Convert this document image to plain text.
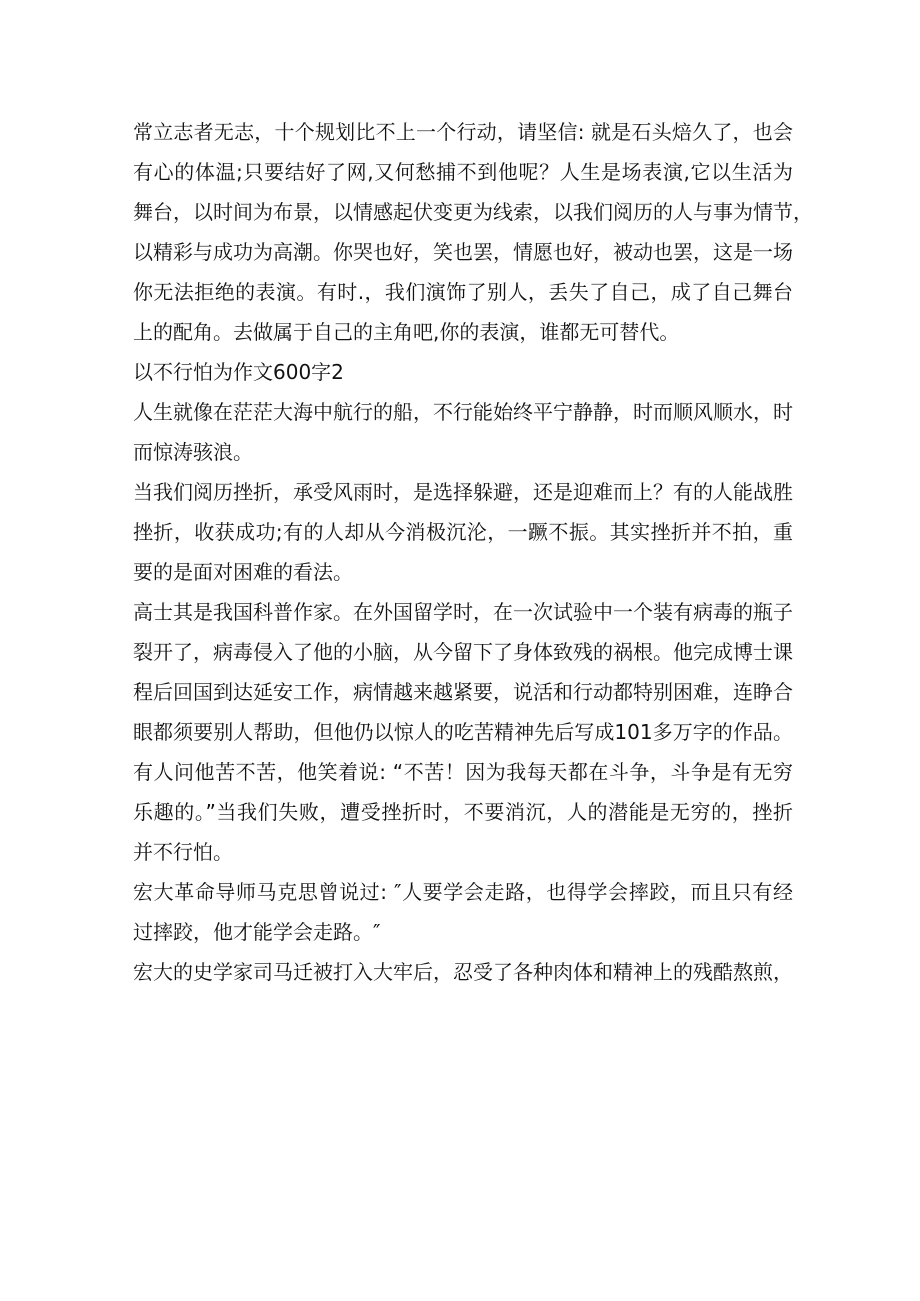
常立志者无志，十个规划比不上一个行动，请坚信: 就是石头焙久了，也会
有心的体温;只要结好了网,又何愁捕不到他呢？人生是场表演,它以生活为
舞台，以时间为布景，以情感起伏变更为线索，以我们阅历的人与事为情节，
以精彩与成功为高潮。你哭也好，笑也罢，情愿也好，被动也罢，这是一场
你无法拒绝的表演。有时.，我们演饰了别人，丢失了自己，成了自己舞台
上的配角。去做属于自己的主角吧,你的表演，谁都无可替代。
以不行怕为作文600字2
人生就像在茫茫大海中航行的船，不行能始终平宁静静，时而顺风顺水，时
而惊涛骇浪。
当我们阅历挫折，承受风雨时，是选择躲避，还是迎难而上？有的人能战胜
挫折，收获成功;有的人却从今消极沉沦，一蹶不振。其实挫折并不拍，重
要的是面对困难的看法。
高士其是我国科普作家。在外国留学时，在一次试验中一个装有病毒的瓶子
裂开了，病毒侵入了他的小脑，从今留下了身体致残的祸根。他完成博士课
程后回国到达延安工作，病情越来越紧要，说活和行动都特别困难，连睁合
眼都须要别人帮助，但他仍以惊人的吃苦精神先后写成101多万字的作品。
有人问他苦不苦，他笑着说: “不苦！因为我每天都在斗争，斗争是有无穷
乐趣的。”当我们失败，遭受挫折时，不要消沉，人的潜能是无穷的，挫折
并不行怕。
宏大革命导师马克思曾说过: ″人要学会走路，也得学会摔跤，而且只有经
过摔跤，他才能学会走路。″
宏大的史学家司马迁被打入大牢后，忍受了各种肉体和精神上的残酷熬煎，
